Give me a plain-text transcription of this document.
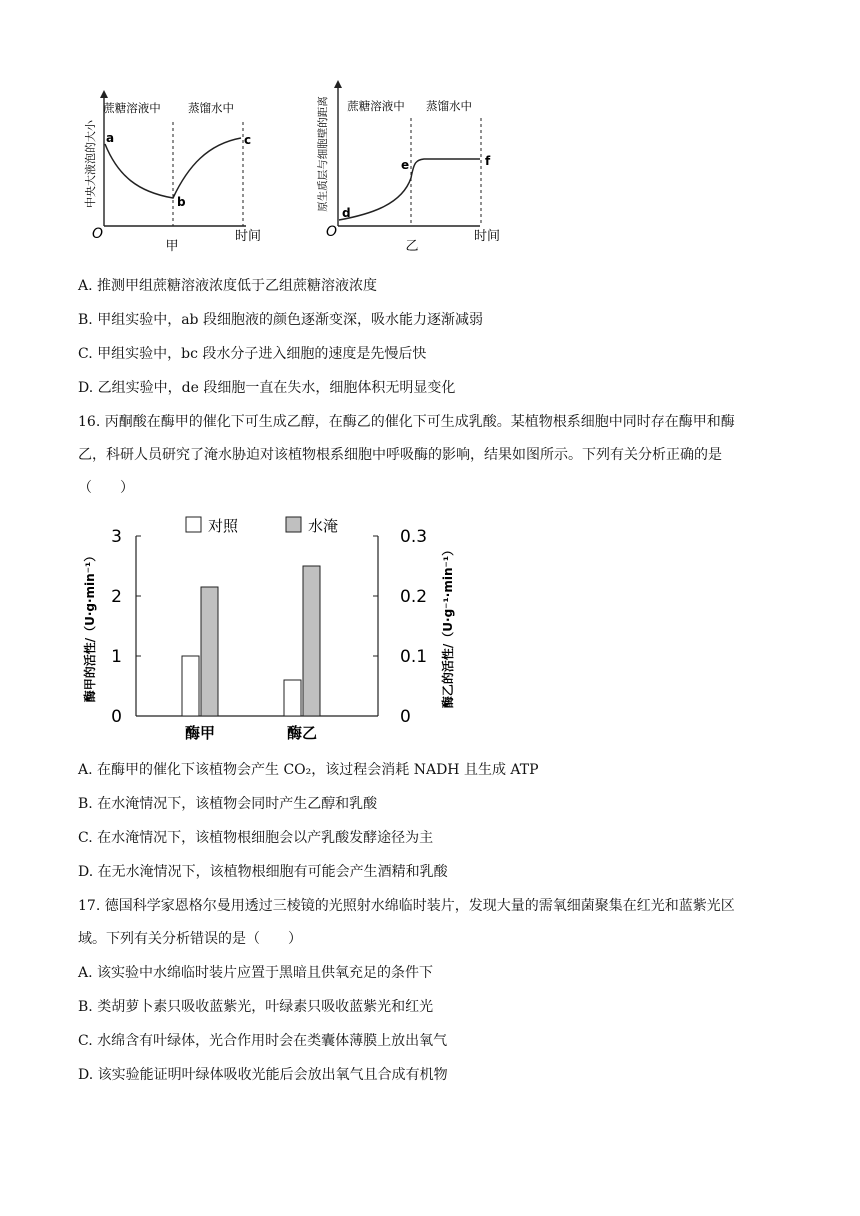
蔗糖溶液中 蒸馏水中
中央大液泡的大小 a
b
c
O	时间
甲
蔗糖溶液中 蒸馏水中
原生质层与细胞壁的距离
d
e	f
O	时间
乙
A. 推测甲组蔗糖溶液浓度低于乙组蔗糖溶液浓度
B. 甲组实验中，ab 段细胞液的颜色逐渐变深，吸水能力逐渐减弱
C. 甲组实验中，bc 段水分子进入细胞的速度是先慢后快
D. 乙组实验中，de 段细胞一直在失水，细胞体积无明显变化
16. 丙酮酸在酶甲的催化下可生成乙醇，在酶乙的催化下可生成乳酸。某植物根系细胞中同时存在酶甲和酶
乙，科研人员研究了淹水胁迫对该植物根系细胞中呼吸酶的影响，结果如图所示。下列有关分析正确的是
（　　）
对照	水淹
酶甲的活性/（U·g·min⁻¹）	酶乙的活性/（U·g⁻¹·min⁻¹）
0
1
2
3
0
0.1
0.2
0.3
酶甲	酶乙
A. 在酶甲的催化下该植物会产生 CO₂，该过程会消耗 NADH 且生成 ATP
B. 在水淹情况下，该植物会同时产生乙醇和乳酸
C. 在水淹情况下，该植物根细胞会以产乳酸发酵途径为主
D. 在无水淹情况下，该植物根细胞有可能会产生酒精和乳酸
17. 德国科学家恩格尔曼用透过三棱镜的光照射水绵临时装片，发现大量的需氧细菌聚集在红光和蓝紫光区
域。下列有关分析错误的是（　　）
A. 该实验中水绵临时装片应置于黑暗且供氧充足的条件下
B. 类胡萝卜素只吸收蓝紫光，叶绿素只吸收蓝紫光和红光
C. 水绵含有叶绿体，光合作用时会在类囊体薄膜上放出氧气
D. 该实验能证明叶绿体吸收光能后会放出氧气且合成有机物
